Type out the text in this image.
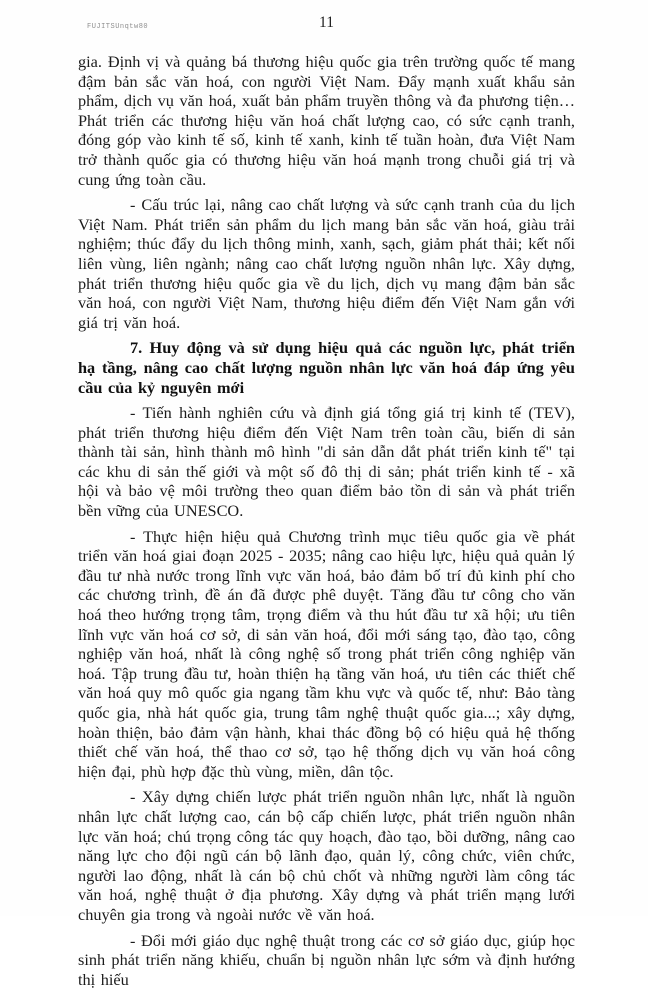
FUJITSUnqtw80	11

gia. Định vị và quảng bá thương hiệu quốc gia trên trường quốc tế mang đậm bản sắc văn hoá, con người Việt Nam. Đẩy mạnh xuất khẩu sản phẩm, dịch vụ văn hoá, xuất bản phẩm truyền thông và đa phương tiện… Phát triển các thương hiệu văn hoá chất lượng cao, có sức cạnh tranh, đóng góp vào kinh tế số, kinh tế xanh, kinh tế tuần hoàn, đưa Việt Nam trở thành quốc gia có thương hiệu văn hoá mạnh trong chuỗi giá trị và cung ứng toàn cầu.

- Cấu trúc lại, nâng cao chất lượng và sức cạnh tranh của du lịch Việt Nam. Phát triển sản phẩm du lịch mang bản sắc văn hoá, giàu trải nghiệm; thúc đẩy du lịch thông minh, xanh, sạch, giảm phát thải; kết nối liên vùng, liên ngành; nâng cao chất lượng nguồn nhân lực. Xây dựng, phát triển thương hiệu quốc gia về du lịch, dịch vụ mang đậm bản sắc văn hoá, con người Việt Nam, thương hiệu điểm đến Việt Nam gắn với giá trị văn hoá.

7. Huy động và sử dụng hiệu quả các nguồn lực, phát triển hạ tầng, nâng cao chất lượng nguồn nhân lực văn hoá đáp ứng yêu cầu của kỷ nguyên mới

- Tiến hành nghiên cứu và định giá tổng giá trị kinh tế (TEV), phát triển thương hiệu điểm đến Việt Nam trên toàn cầu, biến di sản thành tài sản, hình thành mô hình "di sản dẫn dắt phát triển kinh tế" tại các khu di sản thế giới và một số đô thị di sản; phát triển kinh tế - xã hội và bảo vệ môi trường theo quan điểm bảo tồn di sản và phát triển bền vững của UNESCO.

- Thực hiện hiệu quả Chương trình mục tiêu quốc gia về phát triển văn hoá giai đoạn 2025 - 2035; nâng cao hiệu lực, hiệu quả quản lý đầu tư nhà nước trong lĩnh vực văn hoá, bảo đảm bố trí đủ kinh phí cho các chương trình, đề án đã được phê duyệt. Tăng đầu tư công cho văn hoá theo hướng trọng tâm, trọng điểm và thu hút đầu tư xã hội; ưu tiên lĩnh vực văn hoá cơ sở, di sản văn hoá, đổi mới sáng tạo, đào tạo, công nghiệp văn hoá, nhất là công nghệ số trong phát triển công nghiệp văn hoá. Tập trung đầu tư, hoàn thiện hạ tầng văn hoá, ưu tiên các thiết chế văn hoá quy mô quốc gia ngang tầm khu vực và quốc tế, như: Bảo tàng quốc gia, nhà hát quốc gia, trung tâm nghệ thuật quốc gia...; xây dựng, hoàn thiện, bảo đảm vận hành, khai thác đồng bộ có hiệu quả hệ thống thiết chế văn hoá, thể thao cơ sở, tạo hệ thống dịch vụ văn hoá công hiện đại, phù hợp đặc thù vùng, miền, dân tộc.

- Xây dựng chiến lược phát triển nguồn nhân lực, nhất là nguồn nhân lực chất lượng cao, cán bộ cấp chiến lược, phát triển nguồn nhân lực văn hoá; chú trọng công tác quy hoạch, đào tạo, bồi dưỡng, nâng cao năng lực cho đội ngũ cán bộ lãnh đạo, quản lý, công chức, viên chức, người lao động, nhất là cán bộ chủ chốt và những người làm công tác văn hoá, nghệ thuật ở địa phương. Xây dựng và phát triển mạng lưới chuyên gia trong và ngoài nước về văn hoá.

- Đổi mới giáo dục nghệ thuật trong các cơ sở giáo dục, giúp học sinh phát triển năng khiếu, chuẩn bị nguồn nhân lực sớm và định hướng thị hiếu
